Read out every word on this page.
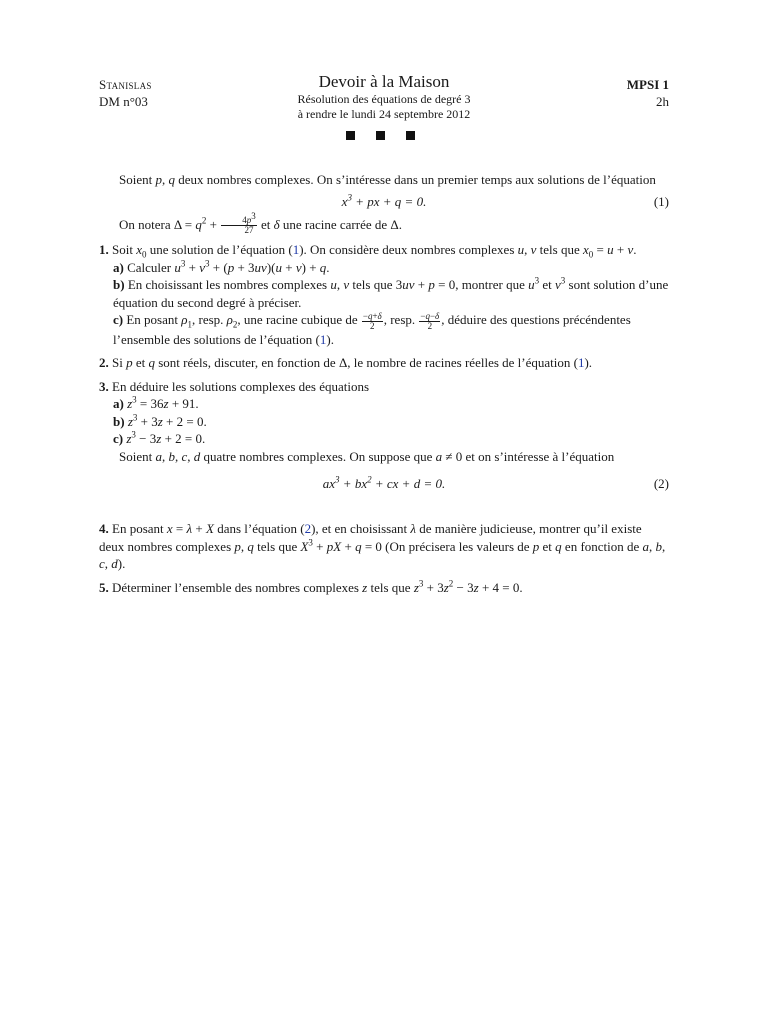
Stanislas
DM n°03
Devoir à la Maison
Résolution des équations de degré 3
à rendre le lundi 24 septembre 2012
MPSI 1
2h

Soient p, q deux nombres complexes. On s’intéresse dans un premier temps aux solutions de l’équation

$x^3$ + px + q = 0.	(1)

On notera $\Delta = q^2 + \frac{4p^3}{27}$ et δ une racine carrée de Δ.

1. Soit $x_0$ une solution de l’équation (1). On considère deux nombres complexes u, v tels que $x_0 = u + v$.

a) Calculer $u^3 + v^3 + (p + 3uv)(u + v) + q$.

b) En choisissant les nombres complexes u, v tels que 3uv + p = 0, montrer que $u^3$ et $v^3$ sont solution d’une équation du second degré à préciser.

c) En posant $\rho_1$, resp. $\rho_2$, une racine cubique de $\frac{-q+\delta}{2}$ , resp. $\frac{-q-\delta}{2}$ , déduire des questions précéndentes l’ensemble des solutions de l’équation (1).

2. Si p et q sont réels, discuter, en fonction de Δ, le nombre de racines réelles de l’équation (1).

3. En déduire les solutions complexes des équations

a) $z^3 = 36z + 91$.

b) $z^3 + 3z + 2 = 0$.

c) $z^3 - 3z + 2 = 0$.

Soient a, b, c, d quatre nombres complexes. On suppose que a ≠ 0 et on s’intéresse à l’équation

$ax^3 + bx^2$ + cx + d = 0.	(2)

4. En posant x = λ + X dans l’équation (2), et en choisissant λ de manière judicieuse, montrer qu’il existe deux nombres complexes p, q tels que $X^3$ + pX + q = 0 (On précisera les valeurs de p et q en fonction de a, b, c, d).

5. Déterminer l’ensemble des nombres complexes z tels que $z^3 + 3z^2 - 3z + 4 = 0$.
